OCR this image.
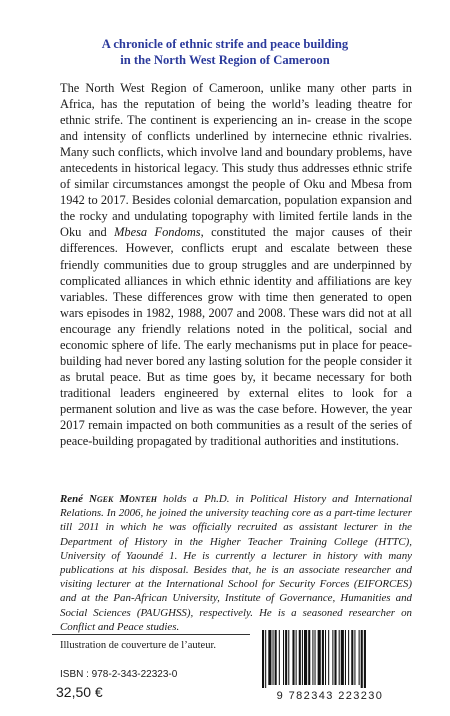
A chronicle of ethnic strife and peace building
in the North West Region of Cameroon
The North West Region of Cameroon, unlike many other parts in Africa, has the reputation of being the world’s leading theatre for ethnic strife. The continent is experiencing an in- crease in the scope and intensity of conflicts underlined by internecine ethnic rivalries. Many such conflicts, which involve land and boundary problems, have antecedents in historical legacy. This study thus addresses ethnic strife of similar circumstances amongst the people of Oku and Mbesa from 1942 to 2017. Besides colonial demarcation, population expansion and the rocky and undulating topography with limited fertile lands in the Oku and Mbesa Fondoms, constituted the major causes of their differences. However, conflicts erupt and escalate between these friendly communities due to group struggles and are underpinned by complicated alliances in which ethnic identity and affiliations are key variables. These differences grow with time then generated to open wars episodes in 1982, 1988, 2007 and 2008. These wars did not at all encourage any friendly relations noted in the political, social and economic sphere of life. The early mechanisms put in place for peace- building had never bored any lasting solution for the people consider it as brutal peace. But as time goes by, it became necessary for both traditional leaders engineered by external elites to look for a permanent solution and live as was the case before. However, the year 2017 remain impacted on both communities as a result of the series of peace-building propagated by traditional authorities and institutions.
René Ngek Monteh holds a Ph.D. in Political History and International Relations. In 2006, he joined the university teaching core as a part-time lecturer till 2011 in which he was officially recruited as assistant lecturer in the Department of History in the Higher Teacher Training College (HTTC), University of Yaoundé 1. He is currently a lecturer in history with many publications at his disposal. Besides that, he is an associate researcher and visiting lecturer at the International School for Security Forces (EIFORCES) and at the Pan-African University, Institute of Governance, Humanities and Social Sciences (PAUGHSS), respectively. He is a seasoned researcher on Conflict and Peace studies.
Illustration de couverture de l’auteur.
ISBN : 978-2-343-22323-0
32,50 €	9 782343 223230
